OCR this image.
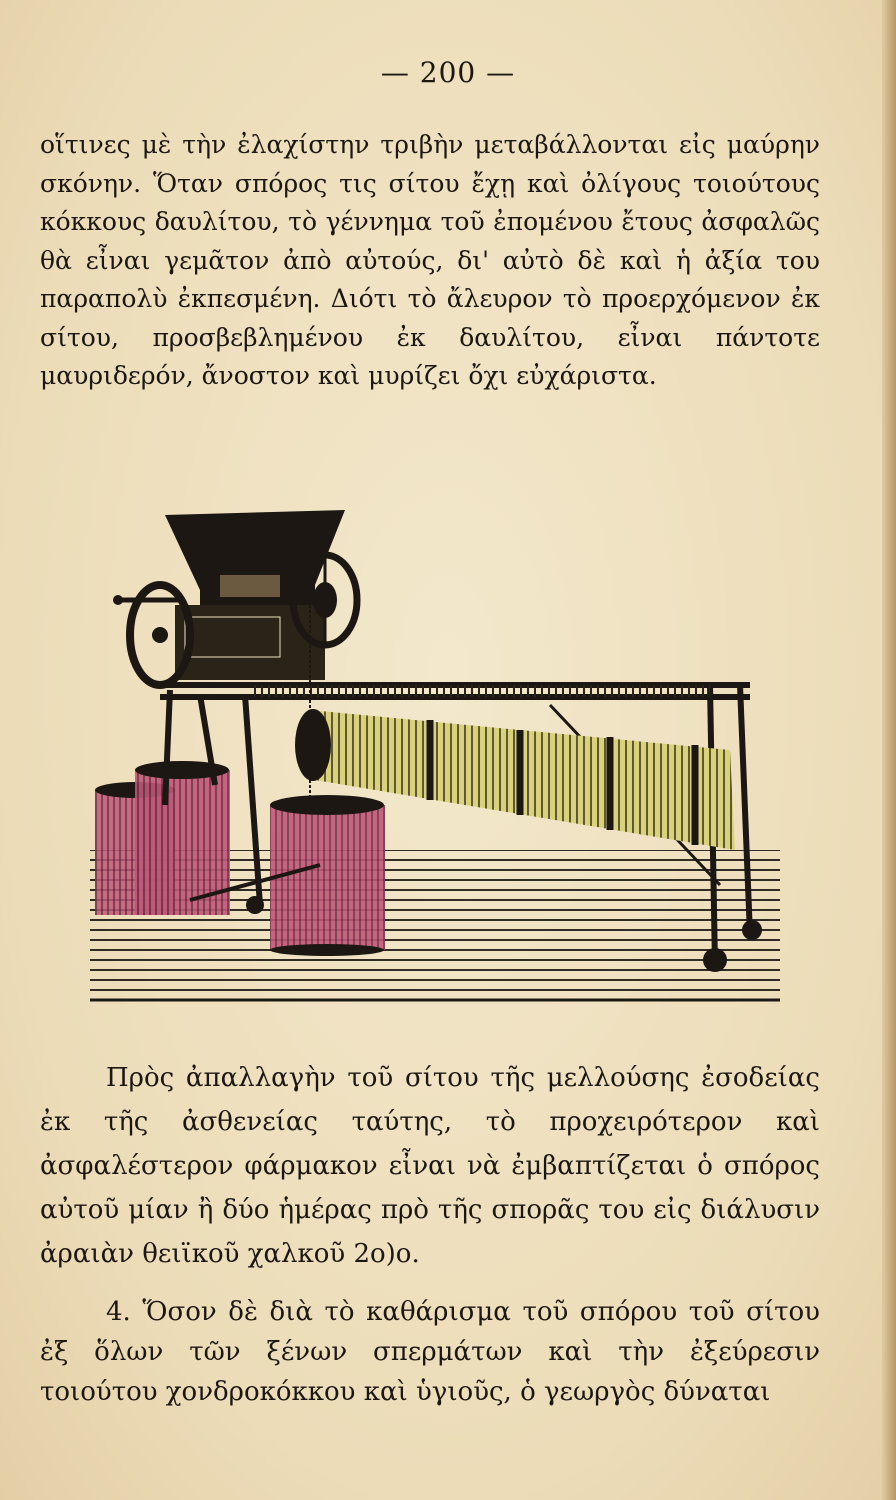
— 200 —
οἵτινες μὲ τὴν ἐλαχίστην τριβὴν μεταβάλλονται εἰς μαύρην σκόνην. Ὅταν σπόρος τις σίτου ἔχῃ καὶ ὀλίγους τοιούτους κόκκους δαυλίτου, τὸ γέννημα τοῦ ἐπομένου ἔτους ἀσφαλῶς θὰ εἶναι γεμᾶτον ἀπὸ αὐτούς, δι' αὐτὸ δὲ καὶ ἡ ἀξία του παραπολὺ ἐκπεσμένη. Διότι τὸ ἄλευρον τὸ προερχόμενον ἐκ σίτου, προσβεβλημένου ἐκ δαυλίτου, εἶναι πάντοτε μαυριδερόν, ἄνοστον καὶ μυρίζει ὄχι εὐχάριστα.
Πρὸς ἀπαλλαγὴν τοῦ σίτου τῆς μελλούσης ἐσοδείας ἐκ τῆς ἀσθενείας ταύτης, τὸ προχειρότερον καὶ ἀσφαλέστερον φάρμακον εἶναι νὰ ἐμβαπτίζεται ὁ σπόρος αὐτοῦ μίαν ἢ δύο ἡμέρας πρὸ τῆς σπορᾶς του εἰς διάλυσιν ἀραιὰν θειϊκοῦ χαλκοῦ 2ο)ο.
4. Ὅσον δὲ διὰ τὸ καθάρισμα τοῦ σπόρου τοῦ σίτου ἐξ ὅλων τῶν ξένων σπερμάτων καὶ τὴν ἐξεύρεσιν τοιούτου χονδροκόκκου καὶ ὑγιοῦς, ὁ γεωργὸς δύναται
